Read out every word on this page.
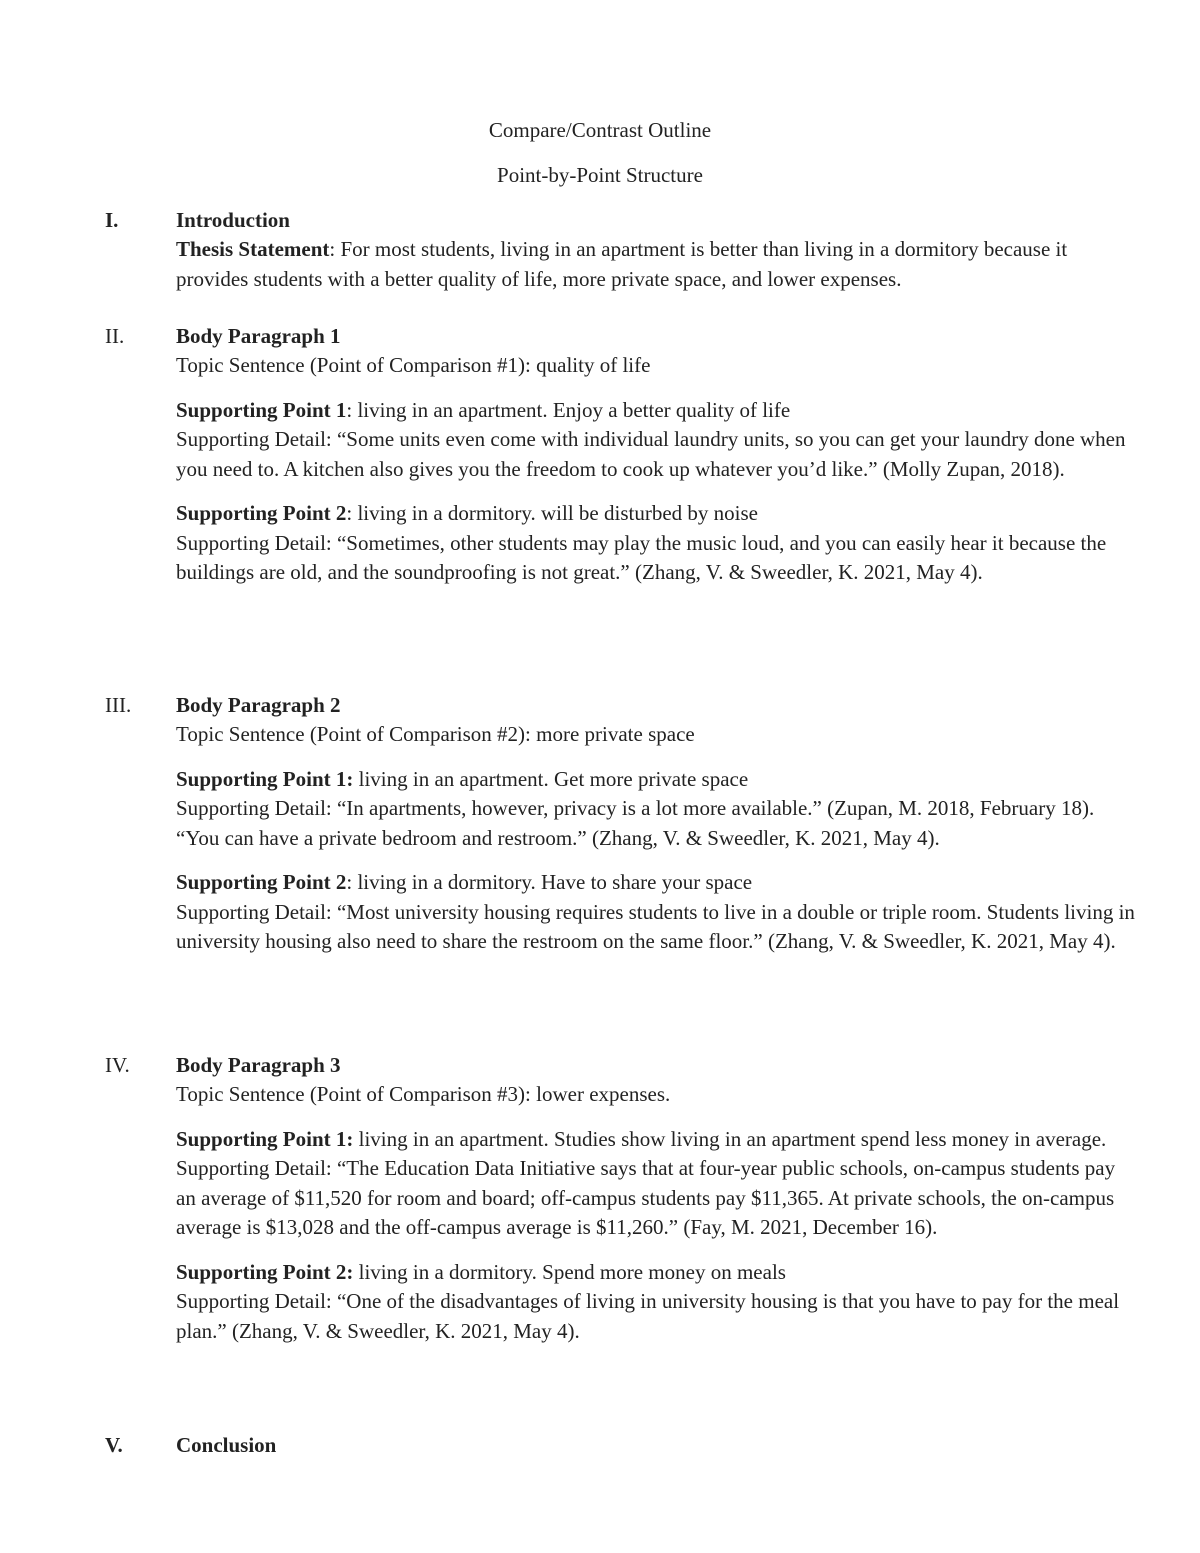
Compare/Contrast Outline

Point-by-Point Structure

I.	Introduction

Thesis Statement: For most students, living in an apartment is better than living in a dormitory because it provides students with a better quality of life, more private space, and lower expenses.

II. Body Paragraph 1

Topic Sentence (Point of Comparison #1): quality of life

Supporting Point 1: living in an apartment. Enjoy a better quality of life

Supporting Detail: “Some units even come with individual laundry units, so you can get your laundry done when you need to. A kitchen also gives you the freedom to cook up whatever you’d like.” (Molly Zupan, 2018).

Supporting Point 2: living in a dormitory. will be disturbed by noise

Supporting Detail: “Sometimes, other students may play the music loud, and you can easily hear it because the buildings are old, and the soundproofing is not great.” (Zhang, V. & Sweedler, K. 2021, May 4).

III. Body Paragraph 2

Topic Sentence (Point of Comparison #2): more private space

Supporting Point 1: living in an apartment. Get more private space

Supporting Detail: “In apartments, however, privacy is a lot more available.” (Zupan, M. 2018, February 18). “You can have a private bedroom and restroom.” (Zhang, V. & Sweedler, K. 2021, May 4).

Supporting Point 2: living in a dormitory. Have to share your space

Supporting Detail: “Most university housing requires students to live in a double or triple room. Students living in university housing also need to share the restroom on the same floor.” (Zhang, V. & Sweedler, K. 2021, May 4).

IV. Body Paragraph 3

Topic Sentence (Point of Comparison #3): lower expenses.

Supporting Point 1: living in an apartment. Studies show living in an apartment spend less money in average.

Supporting Detail: “The Education Data Initiative says that at four-year public schools, on-campus students pay an average of $11,520 for room and board; off-campus students pay $11,365. At private schools, the on-campus average is $13,028 and the off-campus average is $11,260.” (Fay, M. 2021, December 16).

Supporting Point 2: living in a dormitory. Spend more money on meals

Supporting Detail: “One of the disadvantages of living in university housing is that you have to pay for the meal plan.” (Zhang, V. & Sweedler, K. 2021, May 4).

V.	Conclusion
